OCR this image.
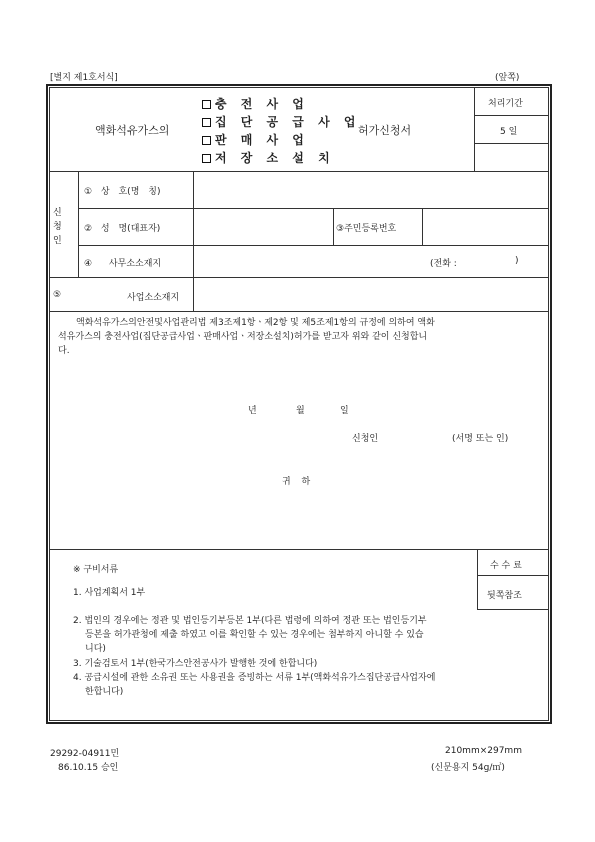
[별지 제1호서식]	(앞쪽)
액화석유가스의
충 전 사 업
집 단 공 급 사 업
판 매 사 업
저 장 소 설 치
허가신청서
처리기간
5 일
신
청
인
① 상 호(명 칭)
② 성 명(대표자)	③주민등록번호
④ 사무소소재지	(전화 :	)
⑤	사업소소재지
액화석유가스의안전및사업관리법 제3조제1항ㆍ제2항 및 제5조제1항의 규정에 의하여 액화
석유가스의 충전사업(집단공급사업ㆍ판매사업ㆍ저장소설치)허가를 받고자 위와 같이 신청합니
다.
년	월	일
신청인	(서명 또는 인)
귀 하
수 수 료
뒷쪽참조
※ 구비서류
1. 사업계획서 1부
2. 법인의 경우에는 정관 및 법인등기부등본 1부(다른 법령에 의하여 정관 또는 법인등기부
등본을 허가관청에 제출 하였고 이를 확인할 수 있는 경우에는 첨부하지 아니할 수 있습
니다)
3. 기술검토서 1부(한국가스안전공사가 발행한 것에 한합니다)
4. 공급시설에 관한 소유권 또는 사용권을 증빙하는 서류 1부(액화석유가스집단공급사업자에
한합니다)
29292-04911민
86.10.15 승인
210mm×297mm
(신문용지 54g/㎡)
